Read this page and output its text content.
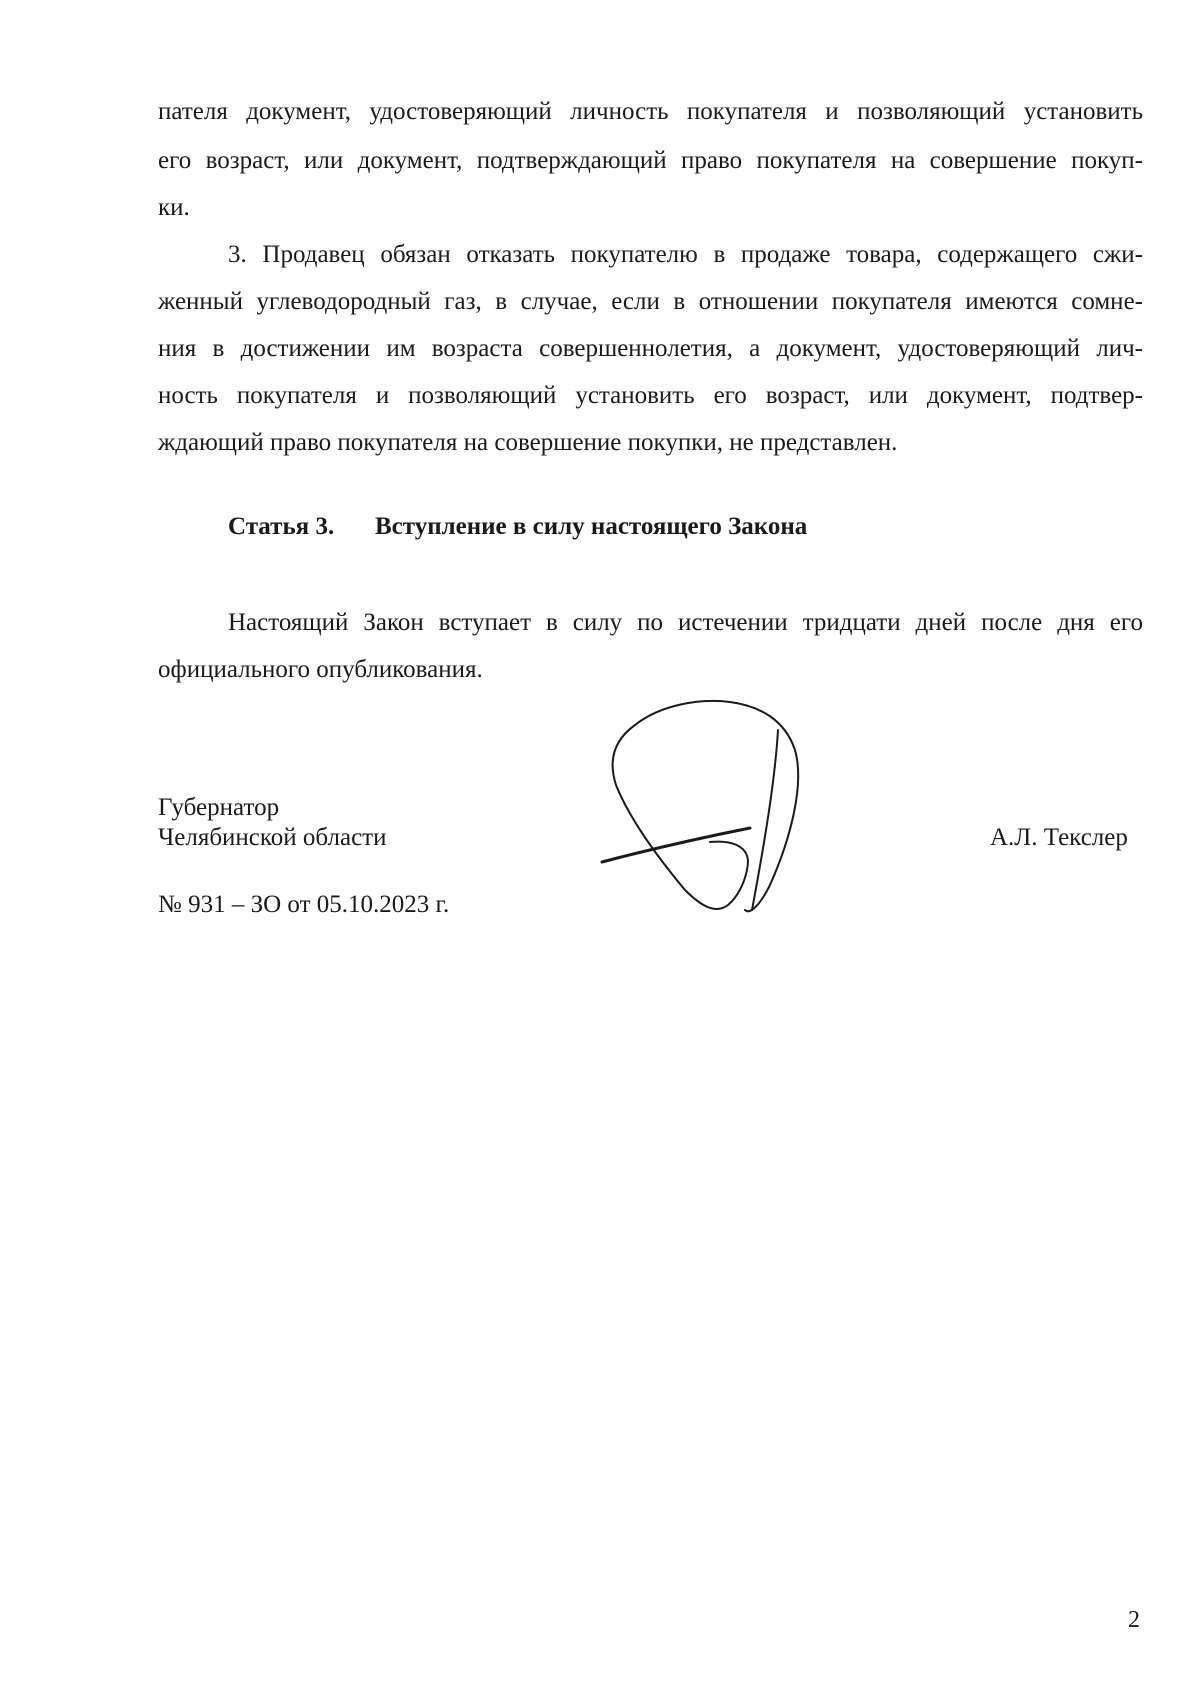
пателя документ, удостоверяющий личность покупателя и позволяющий установить
его возраст, или документ, подтверждающий право покупателя на совершение покуп-
ки.
3. Продавец обязан отказать покупателю в продаже товара, содержащего сжи-
женный углеводородный газ, в случае, если в отношении покупателя имеются сомне-
ния в достижении им возраста совершеннолетия, а документ, удостоверяющий лич-
ность покупателя и позволяющий установить его возраст, или документ, подтвер-
ждающий право покупателя на совершение покупки, не представлен.
Статья 3. Вступление в силу настоящего Закона
Настоящий Закон вступает в силу по истечении тридцати дней после дня его
официального опубликования.
Губернатор
Челябинской области	А.Л. Текслер
№ 931 – ЗО от 05.10.2023 г.
2
